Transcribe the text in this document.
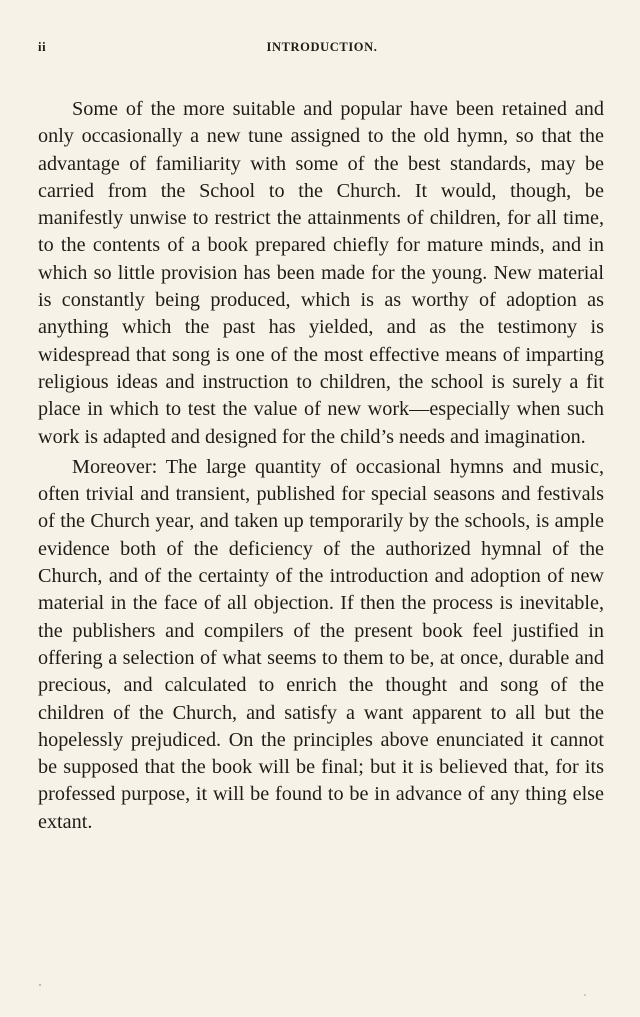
ii	INTRODUCTION.

Some of the more suitable and popular have been retained and only occasionally a new tune assigned to the old hymn, so that the advantage of familiarity with some of the best standards, may be carried from the School to the Church. It would, though, be manifestly unwise to restrict the attainments of children, for all time, to the contents of a book prepared chiefly for mature minds, and in which so little provision has been made for the young. New material is constantly being produced, which is as worthy of adoption as anything which the past has yielded, and as the testimony is widespread that song is one of the most effective means of imparting religious ideas and instruction to children, the school is surely a fit place in which to test the value of new work—especially when such work is adapted and designed for the child’s needs and imagination.

Moreover: The large quantity of occasional hymns and music, often trivial and transient, published for special seasons and festivals of the Church year, and taken up temporarily by the schools, is ample evidence both of the deficiency of the authorized hymnal of the Church, and of the certainty of the introduction and adoption of new material in the face of all objection. If then the process is inevitable, the publishers and compilers of the present book feel justified in offering a selection of what seems to them to be, at once, durable and precious, and calculated to enrich the thought and song of the children of the Church, and satisfy a want apparent to all but the hopelessly prejudiced. On the principles above enunciated it cannot be supposed that the book will be final; but it is believed that, for its professed purpose, it will be found to be in advance of any thing else extant.
